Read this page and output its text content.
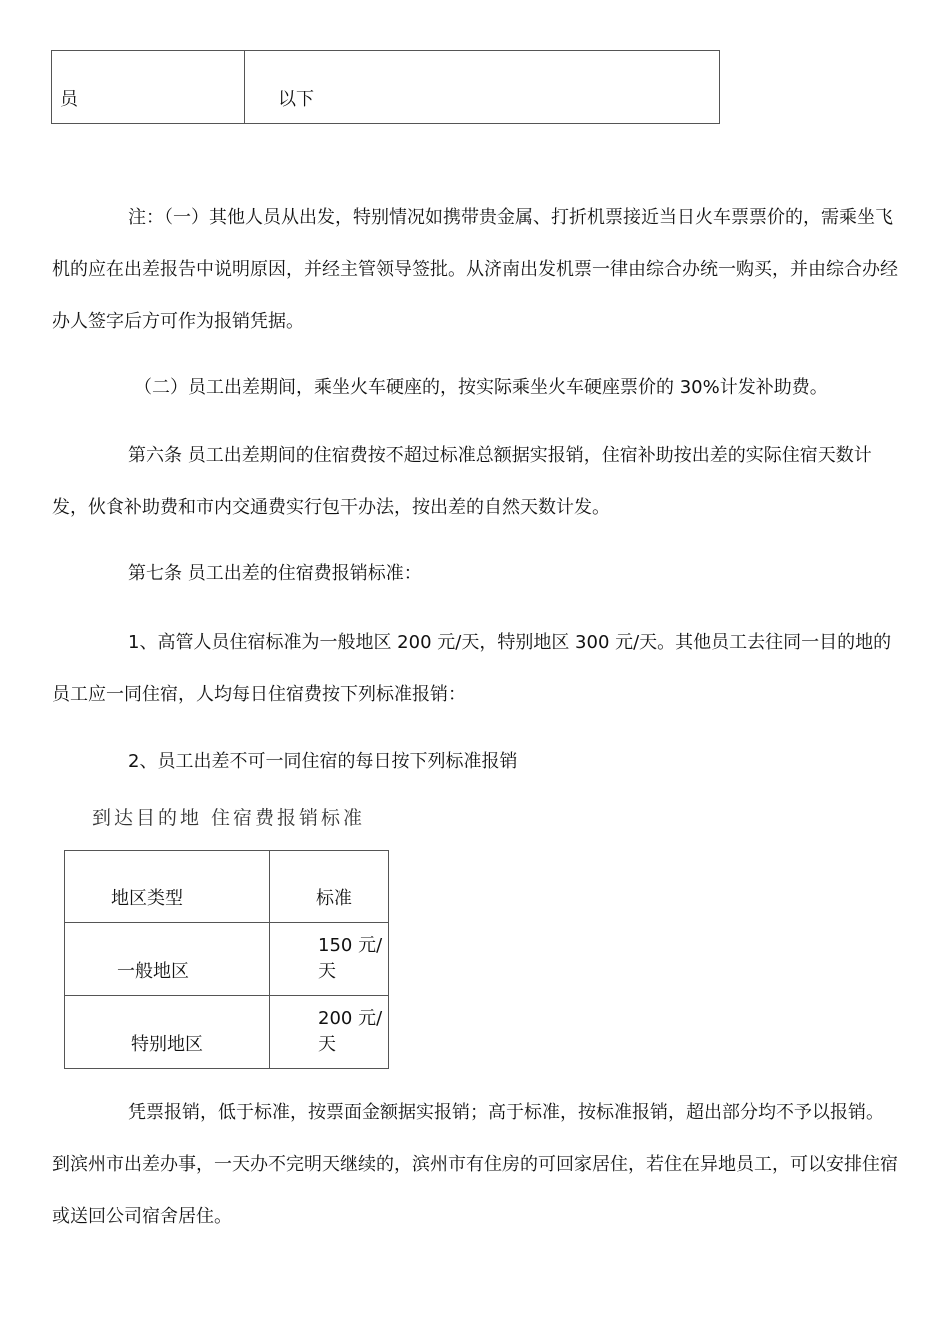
员	以下

注：（一）其他人员从出发，特别情况如携带贵金属、打折机票接近当日火车票票价的，需乘坐飞机的应在出差报告中说明原因，并经主管领导签批。从济南出发机票一律由综合办统一购买，并由综合办经办人签字后方可作为报销凭据。

（二）员工出差期间，乘坐火车硬座的，按实际乘坐火车硬座票价的 30%计发补助费。

第六条 员工出差期间的住宿费按不超过标准总额据实报销，住宿补助按出差的实际住宿天数计发，伙食补助费和市内交通费实行包干办法，按出差的自然天数计发。

第七条 员工出差的住宿费报销标准：

1、高管人员住宿标准为一般地区 200 元/天，特别地区 300 元/天。其他员工去往同一目的地的员工应一同住宿，人均每日住宿费按下列标准报销：

2、员工出差不可一同住宿的每日按下列标准报销

到达目的地 住宿费报销标准

地区类型	标准
一般地区	150 元/天
特别地区	200 元/天

凭票报销，低于标准，按票面金额据实报销；高于标准，按标准报销，超出部分均不予以报销。到滨州市出差办事，一天办不完明天继续的，滨州市有住房的可回家居住，若住在异地员工，可以安排住宿或送回公司宿舍居住。
